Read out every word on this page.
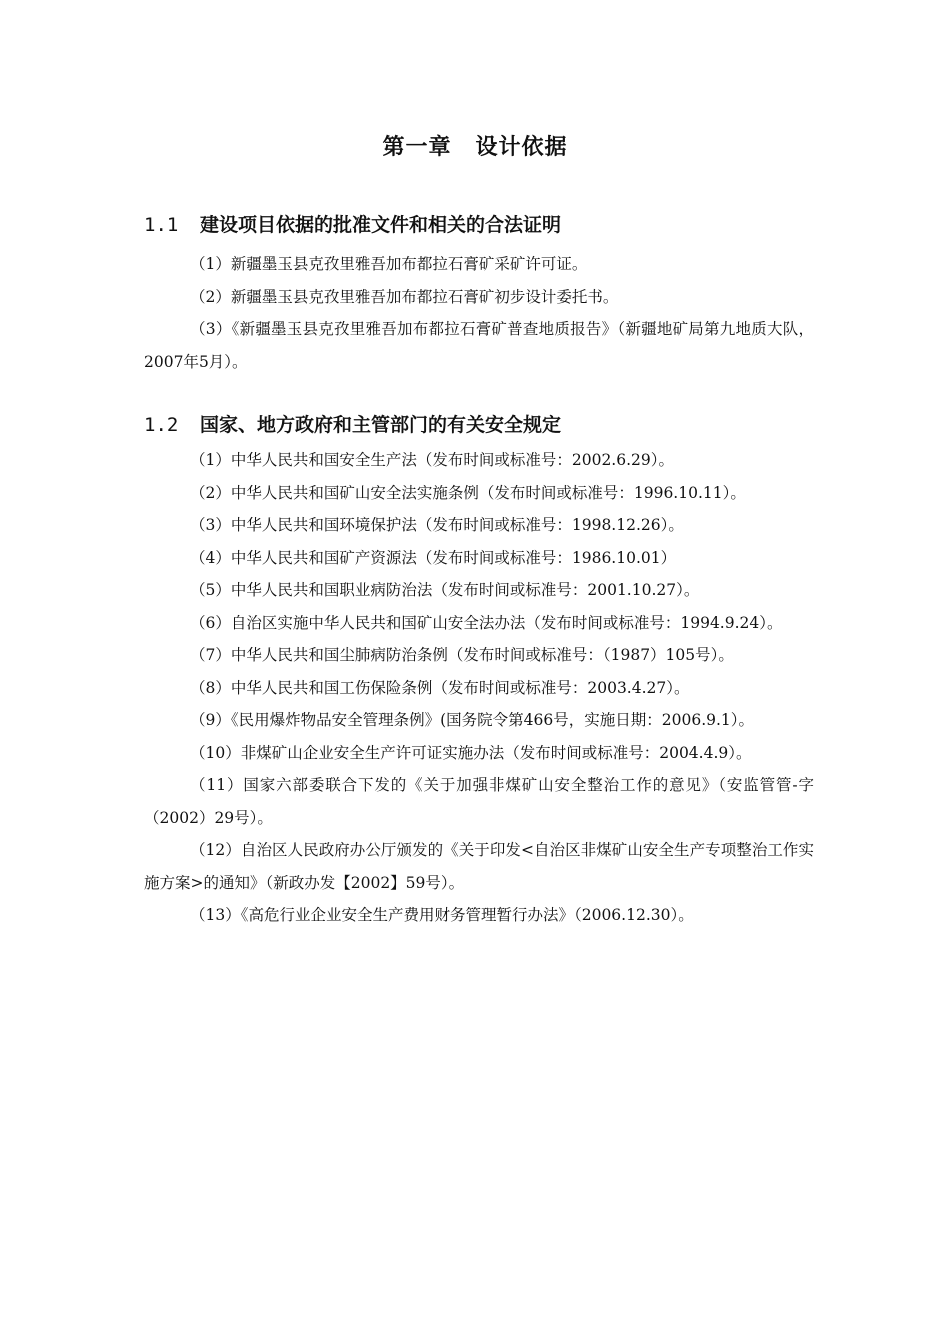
第一章 设计依据
1.1 建设项目依据的批准文件和相关的合法证明

（1）新疆墨玉县克孜里雅吾加布都拉石膏矿采矿许可证。

（2）新疆墨玉县克孜里雅吾加布都拉石膏矿初步设计委托书。

（3）《新疆墨玉县克孜里雅吾加布都拉石膏矿普查地质报告》（新疆地矿局第九地质大队，2007年5月）。

1.2 国家、地方政府和主管部门的有关安全规定

（1）中华人民共和国安全生产法（发布时间或标准号：2002.6.29）。

（2）中华人民共和国矿山安全法实施条例（发布时间或标准号：1996.10.11）。

（3）中华人民共和国环境保护法（发布时间或标准号：1998.12.26）。

（4）中华人民共和国矿产资源法（发布时间或标准号：1986.10.01）

（5）中华人民共和国职业病防治法（发布时间或标准号：2001.10.27）。

（6）自治区实施中华人民共和国矿山安全法办法（发布时间或标准号：1994.9.24）。

（7）中华人民共和国尘肺病防治条例（发布时间或标准号：（1987）105号）。

（8）中华人民共和国工伤保险条例（发布时间或标准号：2003.4.27）。

（9）《民用爆炸物品安全管理条例》(国务院令第466号，实施日期：2006.9.1）。

（10）非煤矿山企业安全生产许可证实施办法（发布时间或标准号：2004.4.9）。

（11）国家六部委联合下发的《关于加强非煤矿山安全整治工作的意见》（安监管管-字（2002）29号）。

（12）自治区人民政府办公厅颁发的《关于印发<自治区非煤矿山安全生产专项整治工作实施方案>的通知》（新政办发【2002】59号）。

（13）《高危行业企业安全生产费用财务管理暂行办法》（2006.12.30）。
